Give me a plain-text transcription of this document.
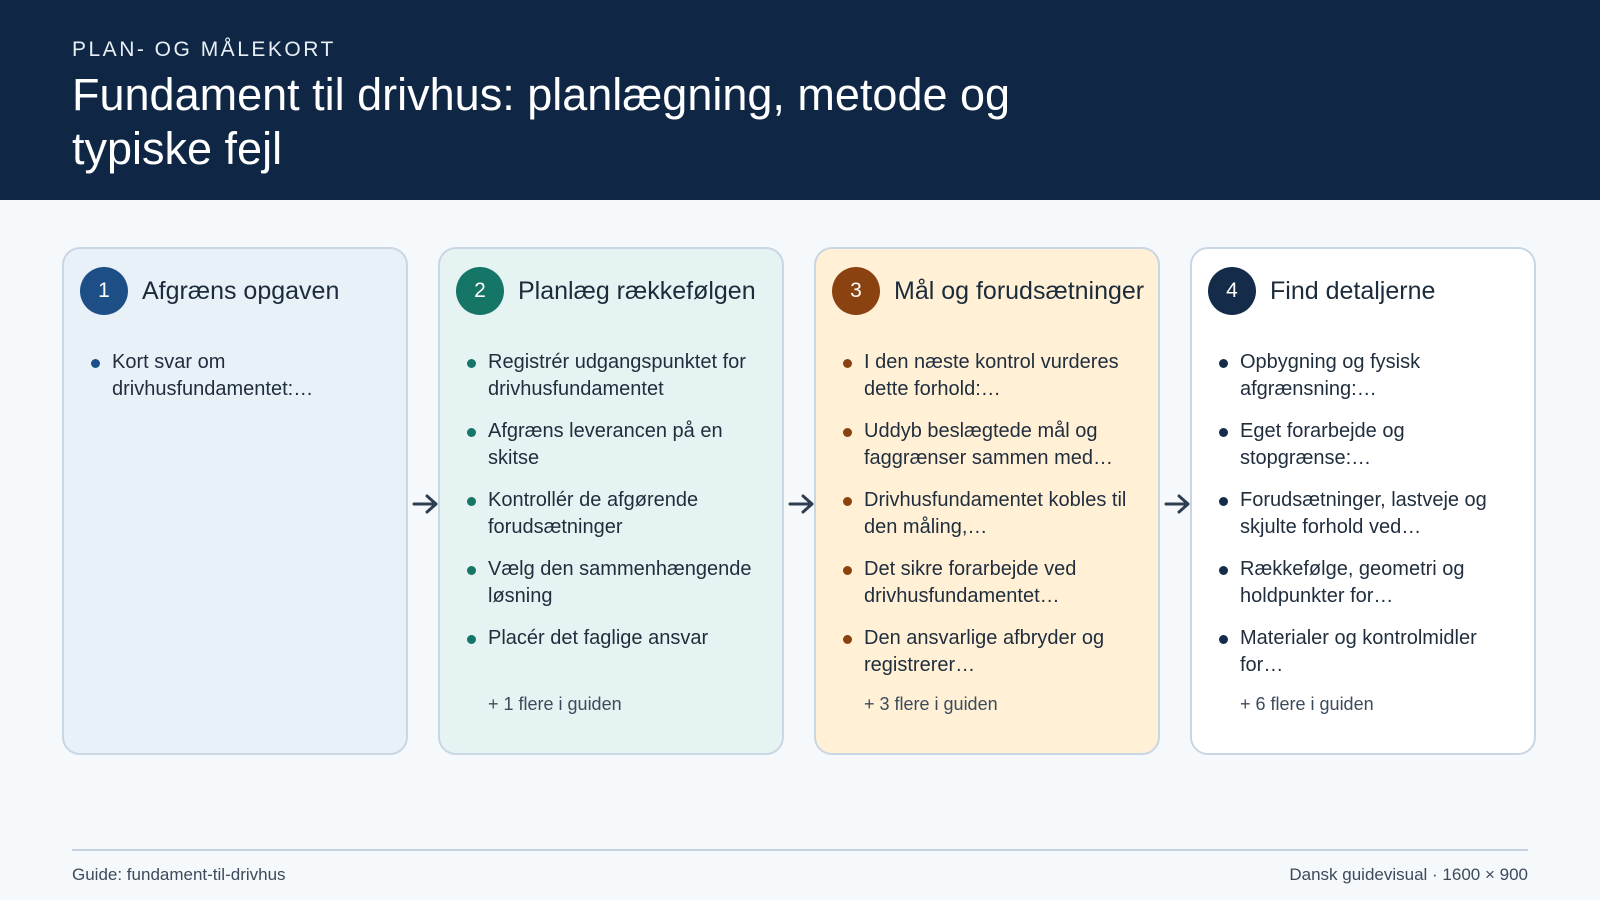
PLAN- OG MÅLEKORT
Fundament til drivhus: planlægning, metode og typiske fejl
1	Afgræns opgaven
Kort svar om drivhusfundamentet:…
2	Planlæg rækkefølgen
Registrér udgangspunktet for drivhusfundamentet
Afgræns leverancen på en skitse
Kontrollér de afgørende forudsætninger
Vælg den sammenhængende løsning
Placér det faglige ansvar
+ 1 flere i guiden
3	Mål og forudsætninger
I den næste kontrol vurderes dette forhold:…
Uddyb beslægtede mål og faggrænser sammen med…
Drivhusfundamentet kobles til den måling,…
Det sikre forarbejde ved drivhusfundamentet…
Den ansvarlige afbryder og registrerer…
+ 3 flere i guiden
4	Find detaljerne
Opbygning og fysisk afgrænsning:…
Eget forarbejde og stopgrænse:…
Forudsætninger, lastveje og skjulte forhold ved…
Rækkefølge, geometri og holdpunkter for…
Materialer og kontrolmidler for…
+ 6 flere i guiden
Guide: fundament-til-drivhus	Dansk guidevisual · 1600 × 900
